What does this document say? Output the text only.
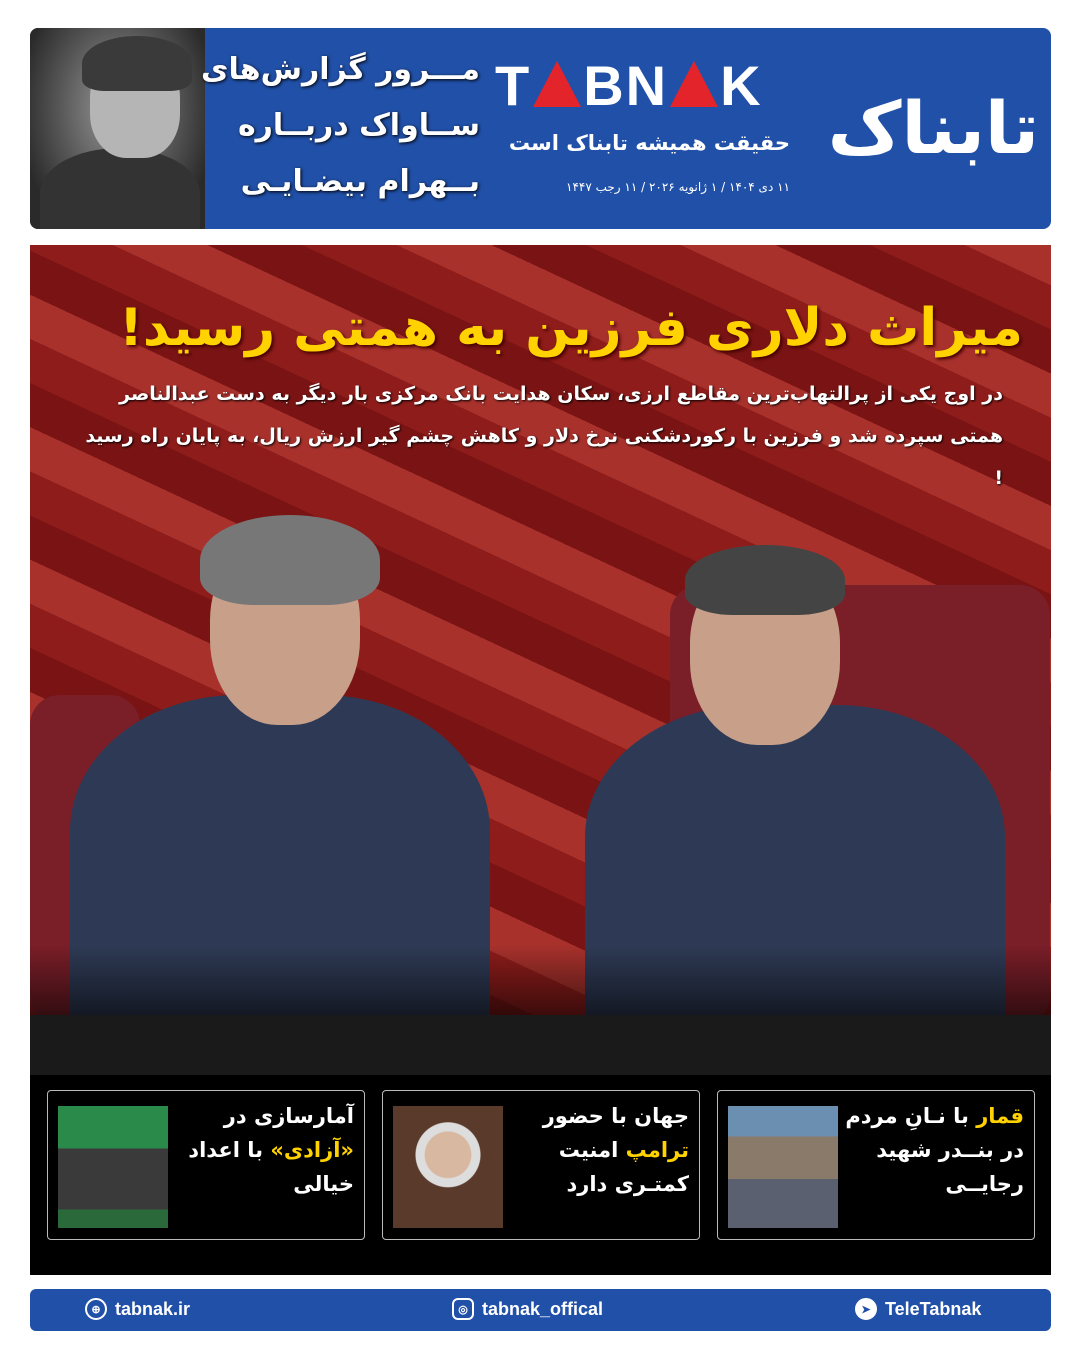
مـــرور گزارش‌های
ســاواک دربــاره
بــهرام بیضـایـی
T BN K
تابناک
حقیقت همیشه تابناک است
۱۱ دی ۱۴۰۴ / ۱ ژانویه ۲۰۲۶ / ۱۱ رجب ۱۴۴۷
میراث دلاری فرزین به همتی رسید!
در اوج یکی از پرالتهاب‌ترین مقاطع ارزی، سکان هدایت بانک مرکزی بار دیگر به دست عبدالناصر همتی سپرده شد و فرزین با رکوردشکنی نرخ دلار و کاهش چشم گیر ارزش ریال، به پایان راه رسید !
قمار با نـانِ مردم در بنــدر شهید رجایــی
جهان با حضور ترامپ امنیت کمتـری دارد
آمارسازی در «آزادی» با اعداد خیالی
⊕ tabnak.ir	◎ tabnak_offical	➤ TeleTabnak
